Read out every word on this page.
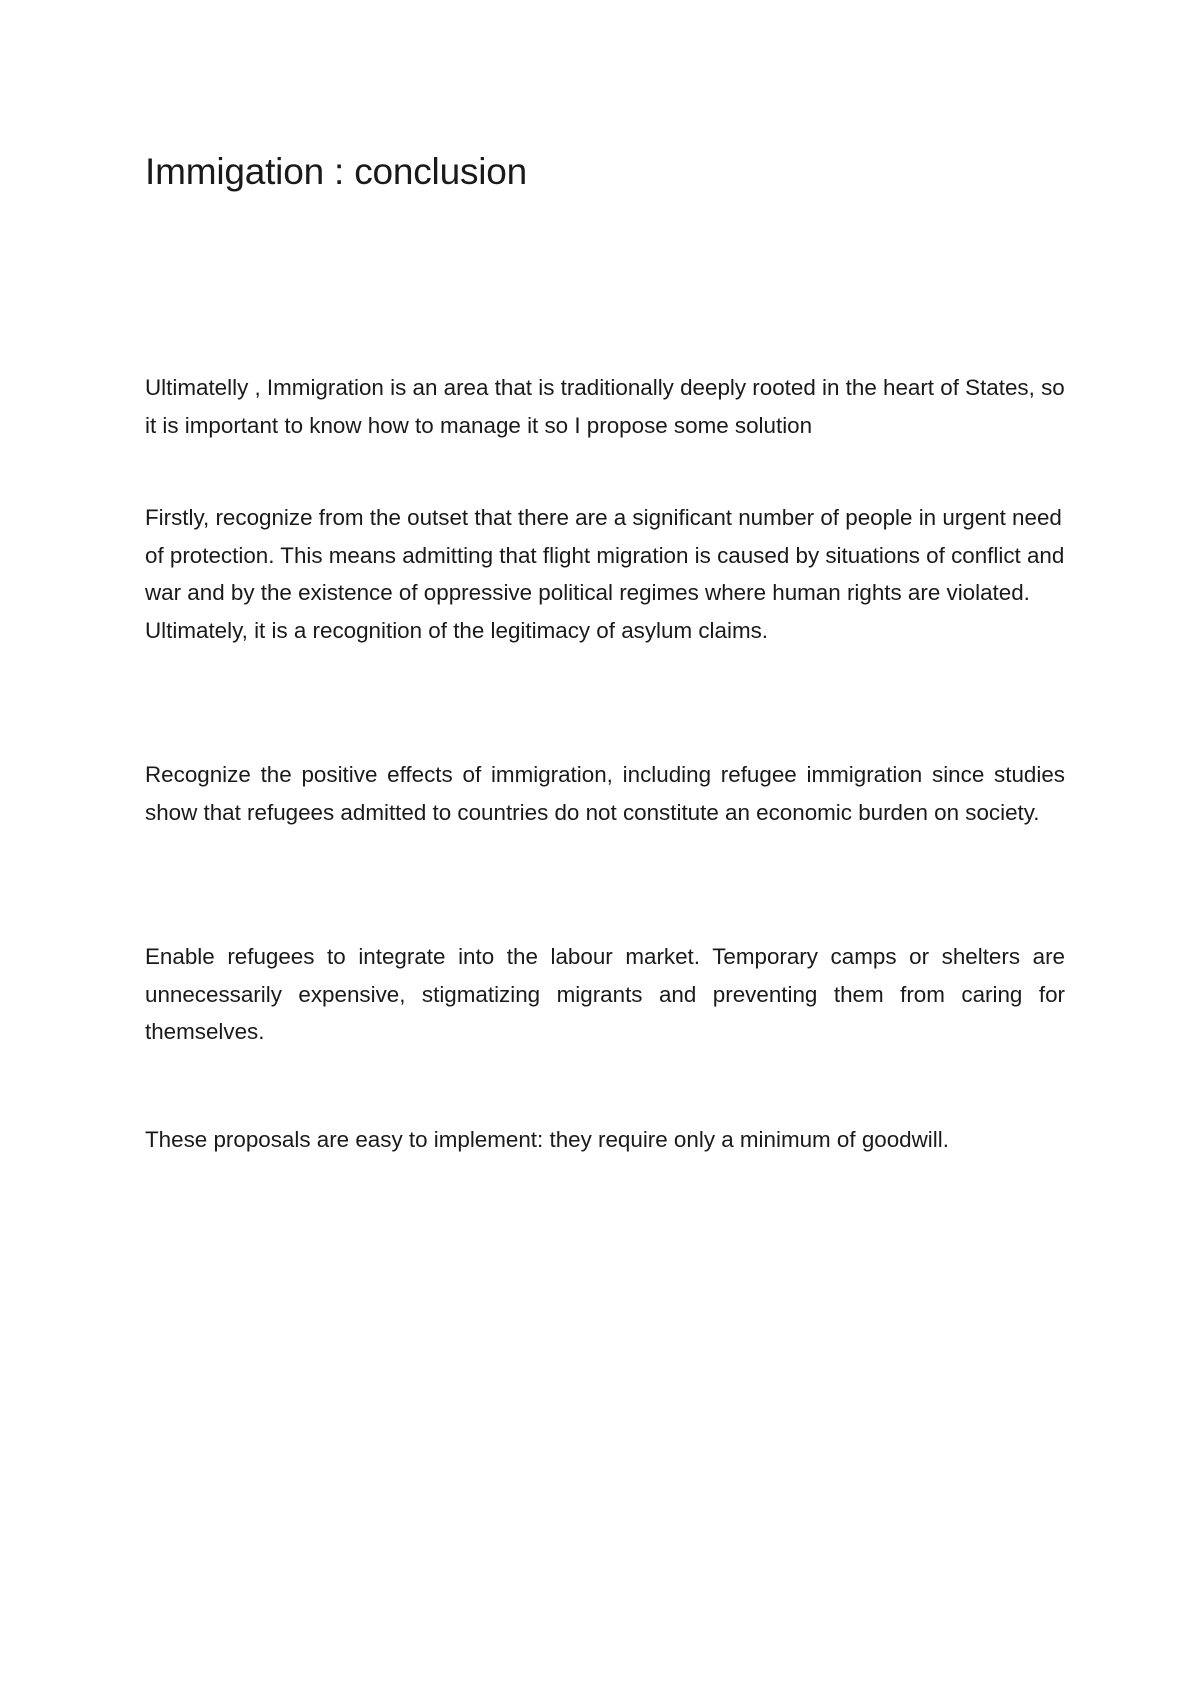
Immigation : conclusion

Ultimatelly , Immigration is an area that is traditionally deeply rooted in the heart of States, so it is important to know how to manage it so I propose some solution

Firstly, recognize from the outset that there are a significant number of people in urgent need of protection. This means admitting that flight migration is caused by situations of conflict and war and by the existence of oppressive political regimes where human rights are violated. Ultimately, it is a recognition of the legitimacy of asylum claims.

Recognize the positive effects of immigration, including refugee immigration since studies show that refugees admitted to countries do not constitute an economic burden on society.

Enable refugees to integrate into the labour market. Temporary camps or shelters are unnecessarily expensive, stigmatizing migrants and preventing them from caring for themselves.

These proposals are easy to implement: they require only a minimum of goodwill.
